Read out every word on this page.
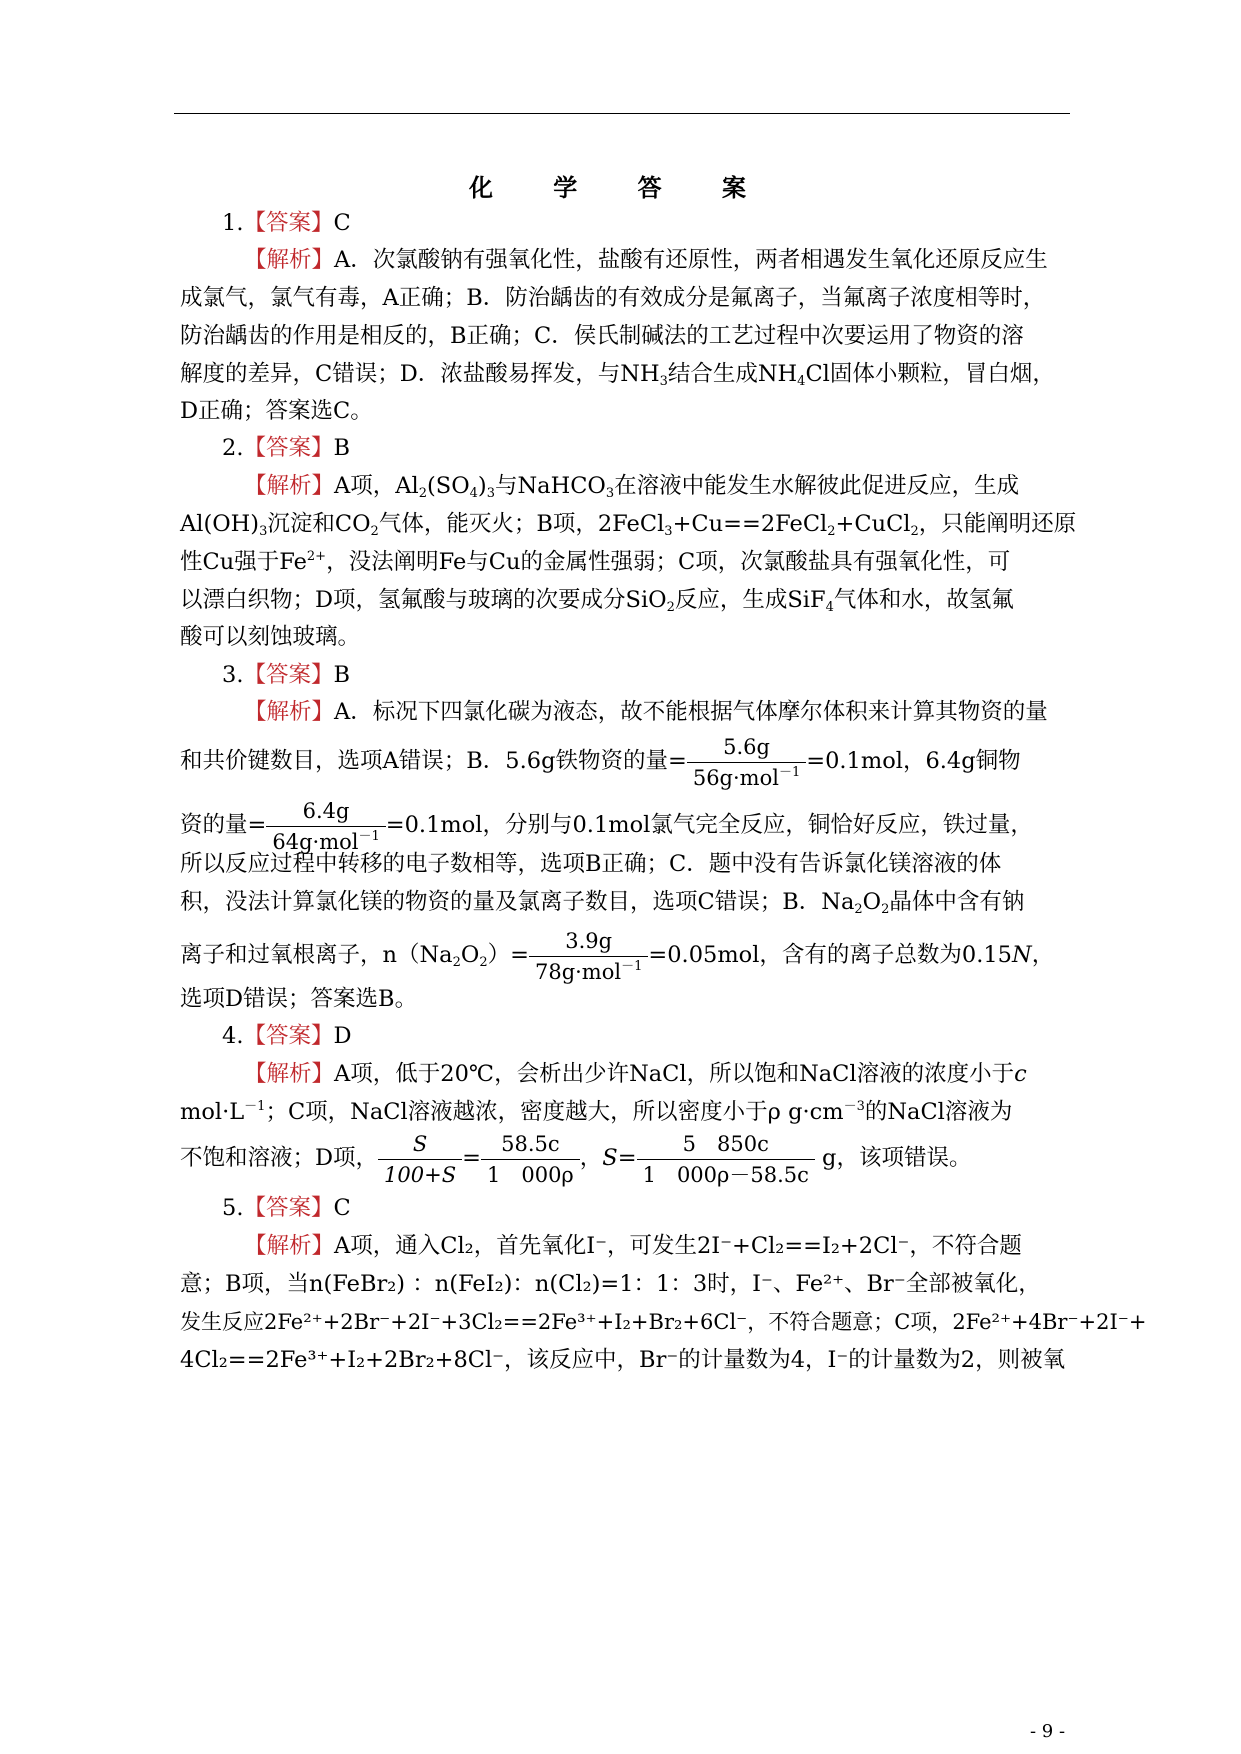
化 学 答 案
1.【答案】C
【解析】A．次氯酸钠有强氧化性，盐酸有还原性，两者相遇发生氧化还原反应生
成氯气，氯气有毒，A正确；B．防治龋齿的有效成分是氟离子，当氟离子浓度相等时，
防治龋齿的作用是相反的，B正确；C．侯氏制碱法的工艺过程中次要运用了物资的溶
解度的差异，C错误；D．浓盐酸易挥发，与$NH_3$结合生成$NH_4Cl$固体小颗粒，冒白烟，
D正确；答案选C。
2.【答案】B
【解析】A项，$Al_2(SO_4)_3$与NaHCO$_3$在溶液中能发生水解彼此促进反应，生成
$Al(OH)_3$沉淀和$CO_2$气体，能灭火；B项，2FeCl$_3$+Cu==2FeCl$_2$+CuCl$_2$，只能阐明还原
性Cu强于$Fe^{2+}$，没法阐明Fe与Cu的金属性强弱；C项，次氯酸盐具有强氧化性，可
以漂白织物；D项，氢氟酸与玻璃的次要成分SiO$_2$反应，生成SiF$_4$气体和水，故氢氟
酸可以刻蚀玻璃。
3.【答案】B
【解析】A．标况下四氯化碳为液态，故不能根据气体摩尔体积来计算其物资的量
和共价键数目，选项A错误；B．5.6g铁物资的量= $\frac{5.6g}{56g\cdot mol^{-1}} =0.1mol$，6.4g铜物
资的量= $\frac{6.4g}{64g\cdot mol^{-1}} =0.1mol$，分别与0.1mol氯气完全反应，铜恰好反应，铁过量，
所以反应过程中转移的电子数相等，选项B正确；C．题中没有告诉氯化镁溶液的体
积，没法计算氯化镁的物资的量及氯离子数目，选项C错误；B．$Na_2O_2$晶体中含有钠
离子和过氧根离子，$n(Na_2O_2)= \frac{3.9g}{78g\cdot mol^{-1}} =0.05mol$，含有的离子总数为0.15N，
选项D错误；答案选B。
4.【答案】D
【解析】A项，低于20℃，会析出少许NaCl，所以饱和NaCl溶液的浓度小于c
$mol\cdot L^{-1}$；C项，NaCl溶液越浓，密度越大，所以密度小于ρ $g\cdot cm^{-3}$的NaCl溶液为
不饱和溶液；D项， $\frac{S}{100+S} = \frac{58.5c}{1 000\rho}$ ，$S= \frac{5 850c}{1 000\rho-58.5c}$ g，该项错误。
5.【答案】C
【解析】A项，通入Cl₂，首先氧化I⁻，可发生2I⁻+Cl₂==I₂+2Cl⁻，不符合题
意；B项，当n(FeBr₂) ：n(FeI₂)：n(Cl₂)=1：1：3时，I⁻、Fe²⁺、Br⁻全部被氧化，
发生反应2Fe²⁺+2Br⁻+2I⁻+3Cl₂==2Fe³⁺+I₂+Br₂+6Cl⁻，不符合题意；C项，2Fe²⁺+4Br⁻+2I⁻+
4Cl₂==2Fe³⁺+I₂+2Br₂+8Cl⁻，该反应中，Br⁻的计量数为4，I⁻的计量数为2，则被氧
- 9 -
